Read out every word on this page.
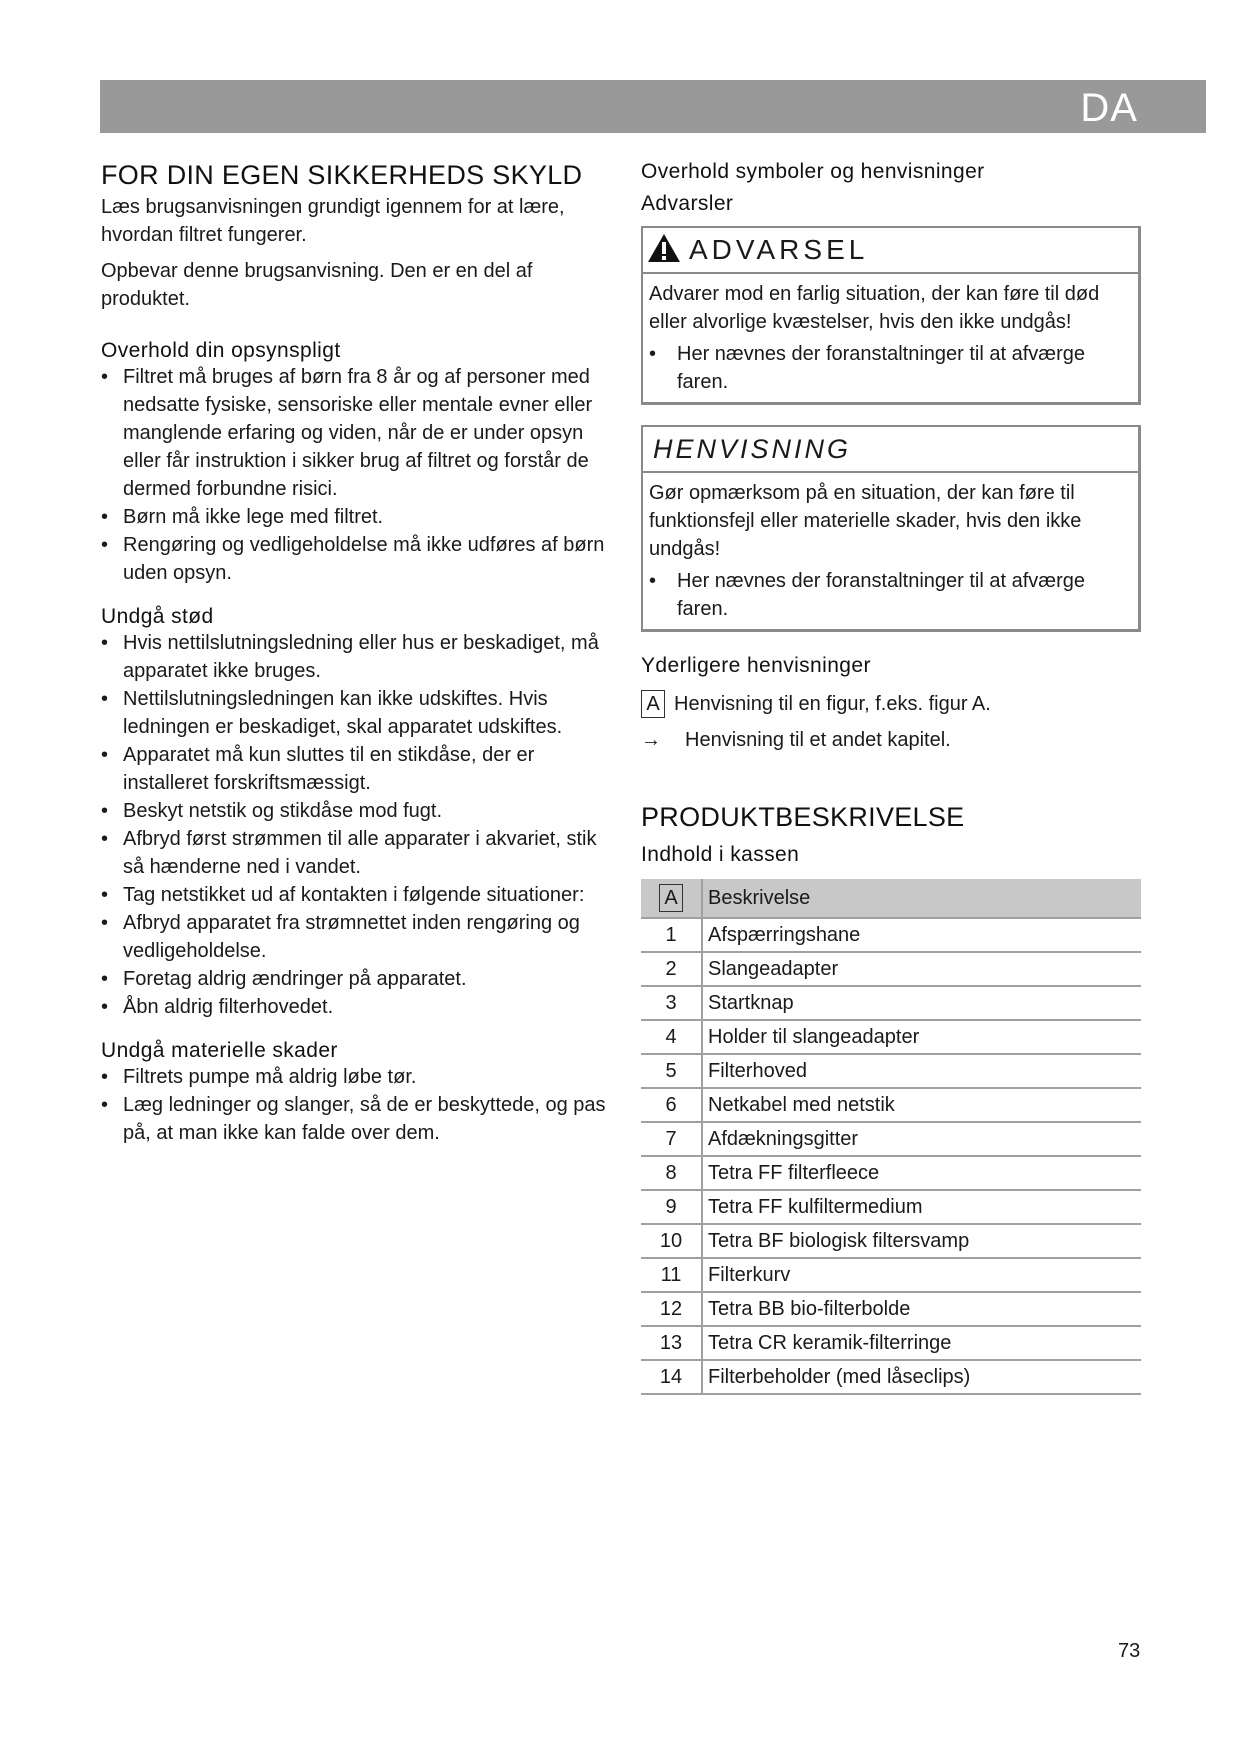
DA
FOR DIN EGEN SIKKERHEDS SKYLD

Læs brugsanvisningen grundigt igennem for at lære, hvordan filtret fungerer.

Opbevar denne brugsanvisning. Den er en del af produktet.

Overhold din opsynspligt
• Filtret må bruges af børn fra 8 år og af personer med nedsatte fysiske, sensoriske eller mentale evner eller manglende erfaring og viden, når de er under opsyn eller får instruktion i sikker brug af filtret og forstår de dermed forbundne risici.
• Børn må ikke lege med filtret.
• Rengøring og vedligeholdelse må ikke udføres af børn uden opsyn.
Undgå stød
• Hvis nettilslutningsledning eller hus er beskadiget, må apparatet ikke bruges.
• Nettilslutningsledningen kan ikke udskiftes. Hvis ledningen er beskadiget, skal apparatet udskiftes.
• Apparatet må kun sluttes til en stikdåse, der er installeret forskriftsmæssigt.
• Beskyt netstik og stikdåse mod fugt.
• Afbryd først strømmen til alle apparater i akvariet, stik så hænderne ned i vandet.
• Tag netstikket ud af kontakten i følgende situationer:
• Afbryd apparatet fra strømnettet inden rengøring og vedligeholdelse.
• Foretag aldrig ændringer på apparatet.
• Åbn aldrig filterhovedet.
Undgå materielle skader
• Filtrets pumpe må aldrig løbe tør.
• Læg ledninger og slanger, så de er beskyttede, og pas på, at man ikke kan falde over dem.
Overhold symboler og henvisninger
Advarsler
ADVARSEL

Advarer mod en farlig situation, der kan føre til død eller alvorlige kvæstelser, hvis den ikke undgås!

• Her nævnes der foranstaltninger til at afværge faren.
HENVISNING

Gør opmærksom på en situation, der kan føre til funktionsfejl eller materielle skader, hvis den ikke undgås!

• Her nævnes der foranstaltninger til at afværge faren.
Yderligere henvisninger
A Henvisning til en figur, f.eks. figur A.
→	Henvisning til et andet kapitel.
PRODUKTBESKRIVELSE
Indhold i kassen
A	Beskrivelse
1	Afspærringshane
2	Slangeadapter
3	Startknap
4	Holder til slangeadapter
5	Filterhoved
6	Netkabel med netstik
7	Afdækningsgitter
8	Tetra FF filterfleece
9	Tetra FF kulfiltermedium
10	Tetra BF biologisk filtersvamp
11	Filterkurv
12	Tetra BB bio-filterbolde
13	Tetra CR keramik-filterringe
14	Filterbeholder (med låseclips)
73
